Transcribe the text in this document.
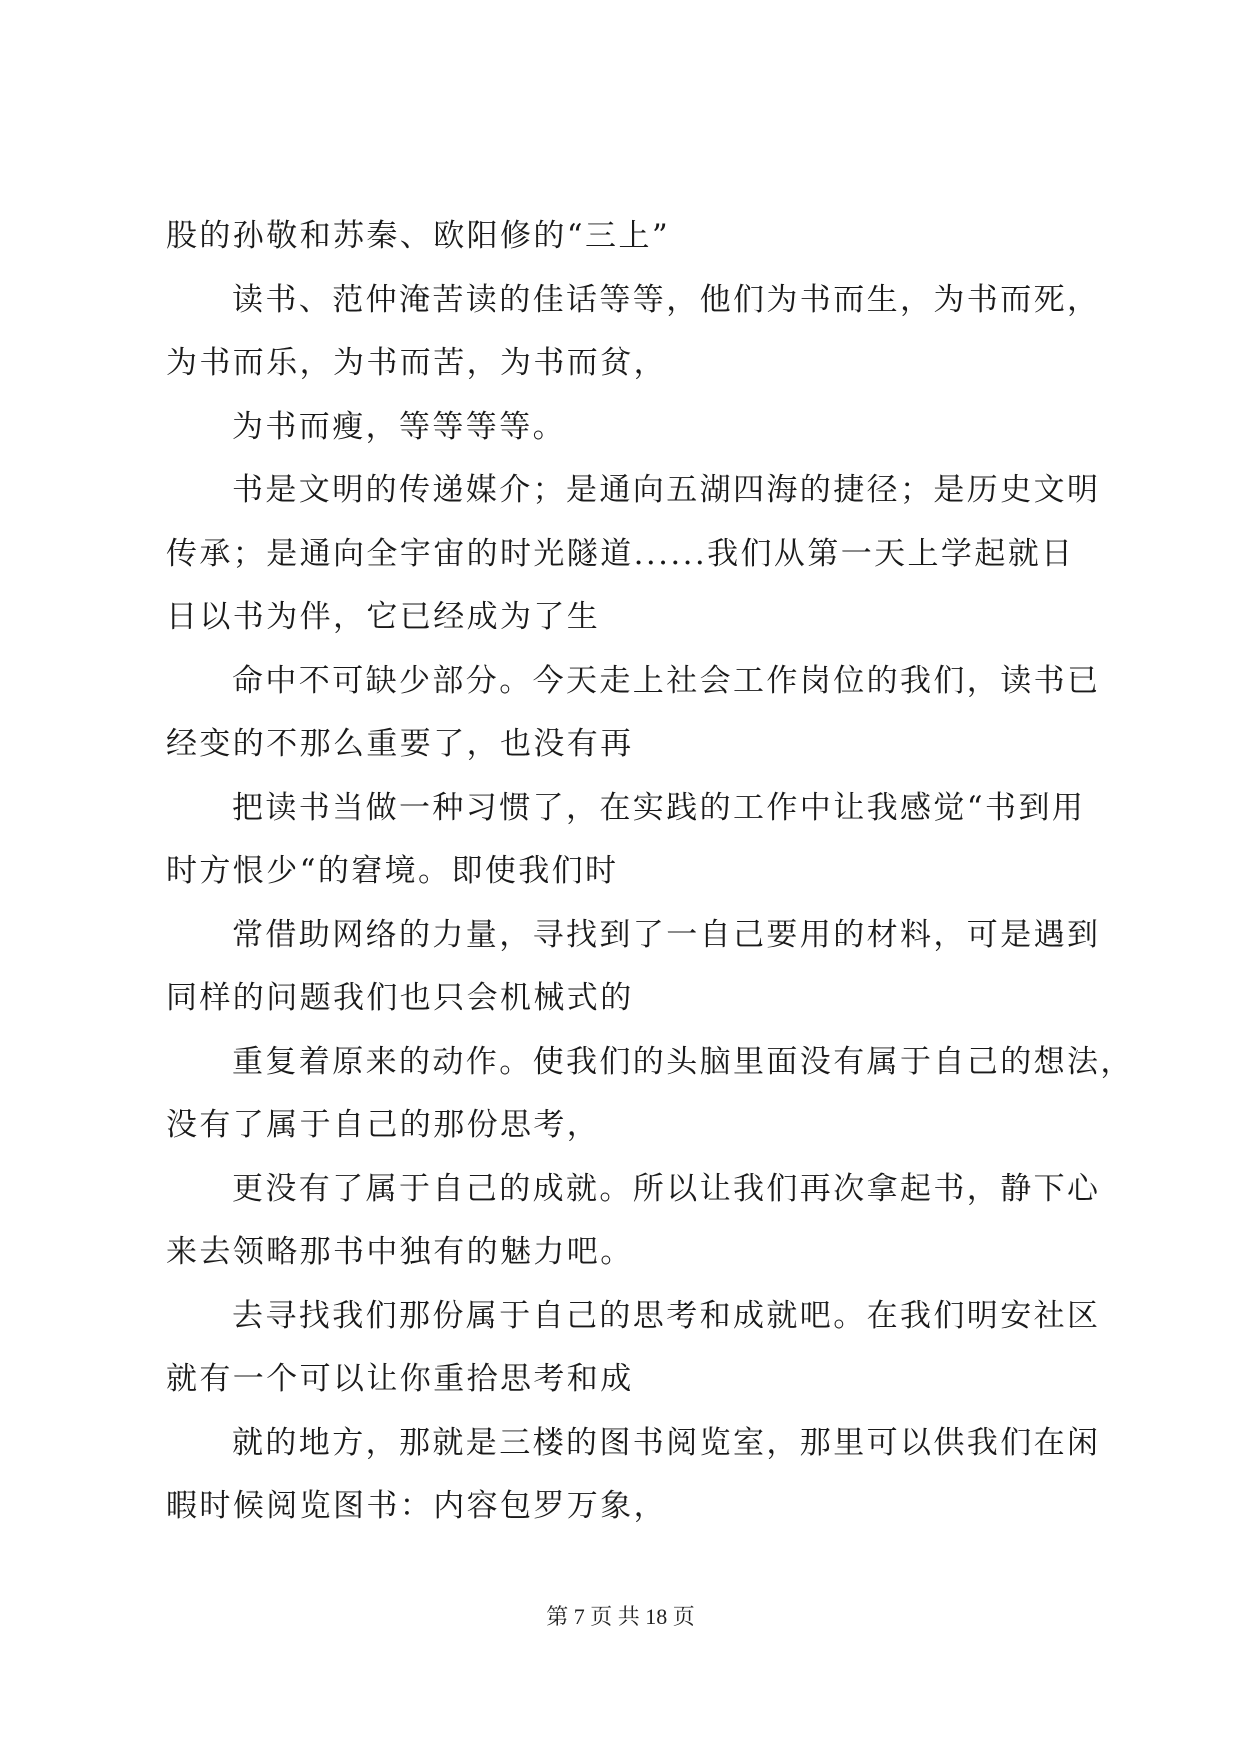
股的孙敬和苏秦、欧阳修的“三上”
读书、范仲淹苦读的佳话等等，他们为书而生，为书而死，
为书而乐，为书而苦，为书而贫，
为书而瘦，等等等等。
书是文明的传递媒介；是通向五湖四海的捷径；是历史文明
传承；是通向全宇宙的时光隧道......我们从第一天上学起就日
日以书为伴，它已经成为了生
命中不可缺少部分。今天走上社会工作岗位的我们，读书已
经变的不那么重要了，也没有再
把读书当做一种习惯了，在实践的工作中让我感觉“书到用
时方恨少“的窘境。即使我们时
常借助网络的力量，寻找到了一自己要用的材料，可是遇到
同样的问题我们也只会机械式的
重复着原来的动作。使我们的头脑里面没有属于自己的想法，
没有了属于自己的那份思考，
更没有了属于自己的成就。所以让我们再次拿起书，静下心
来去领略那书中独有的魅力吧。
去寻找我们那份属于自己的思考和成就吧。在我们明安社区
就有一个可以让你重拾思考和成
就的地方，那就是三楼的图书阅览室，那里可以供我们在闲
暇时候阅览图书：内容包罗万象，
第 7 页 共 18 页
